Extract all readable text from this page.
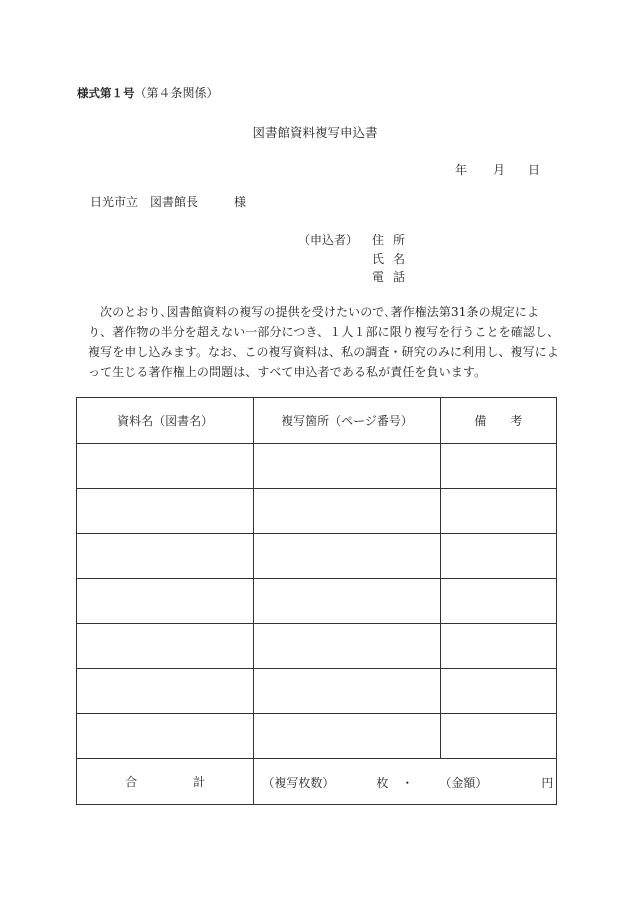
様式第１号（第４条関係）
図書館資料複写申込書
年 月 日
日光市立　図書館長	様
（申込者） 住所
氏名
電話
次のとおり､図書館資料の複写の提供を受けたいので､著作権法第31条の規定により、著作物の半分を超えない一部分につき、１人１部に限り複写を行うことを確認し、複写を申し込みます。なお、この複写資料は、私の調査・研究のみに利用し、複写によって生じる著作権上の問題は、すべて申込者である私が責任を負います。
資料名（図書名）	複写箇所（ページ番号）	備　　考

合 計	（複写枚数） 枚 ・ （金額） 円	
